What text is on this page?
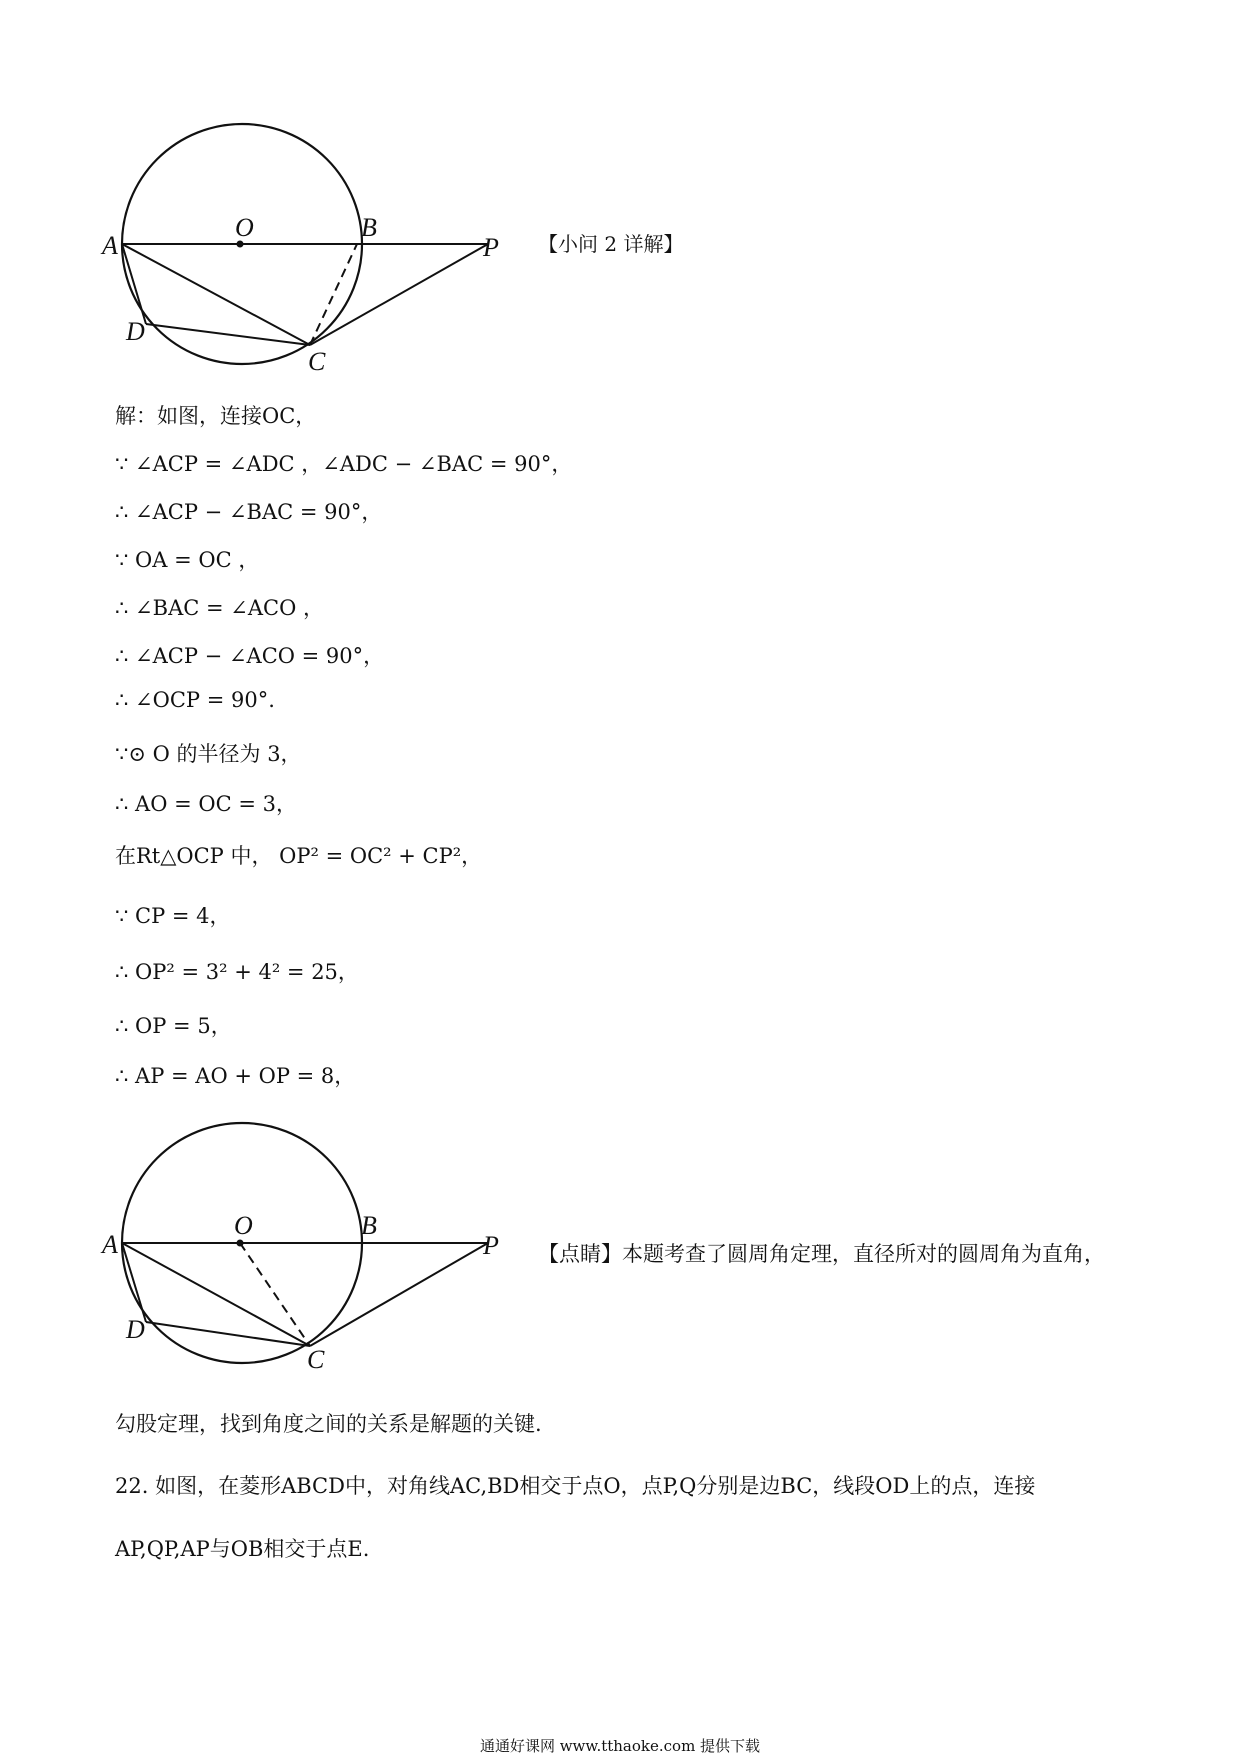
A
O	B
P
D
C
【小问 2 详解】
解：如图，连接OC，
∵ ∠ACP = ∠ADC ，∠ADC − ∠BAC = 90°，
∴ ∠ACP − ∠BAC = 90°，
∵ OA = OC ，
∴ ∠BAC = ∠ACO ，
∴ ∠ACP − ∠ACO = 90°，
∴ ∠OCP = 90°.
∵⊙ O 的半径为 3，
∴ AO = OC = 3，
在Rt△OCP 中， OP² = OC² + CP²，
∵ CP = 4，
∴ OP² = 3² + 4² = 25，
∴ OP = 5，
∴ AP = AO + OP = 8，
A
O	B
P
D
C
【点睛】本题考查了圆周角定理，直径所对的圆周角为直角，
勾股定理，找到角度之间的关系是解题的关键.
22. 如图，在菱形ABCD中，对角线AC,BD相交于点O，点P,Q分别是边BC，线段OD上的点，连接
AP,QP,AP与OB相交于点E.
通通好课网 www.tthaoke.com 提供下载
